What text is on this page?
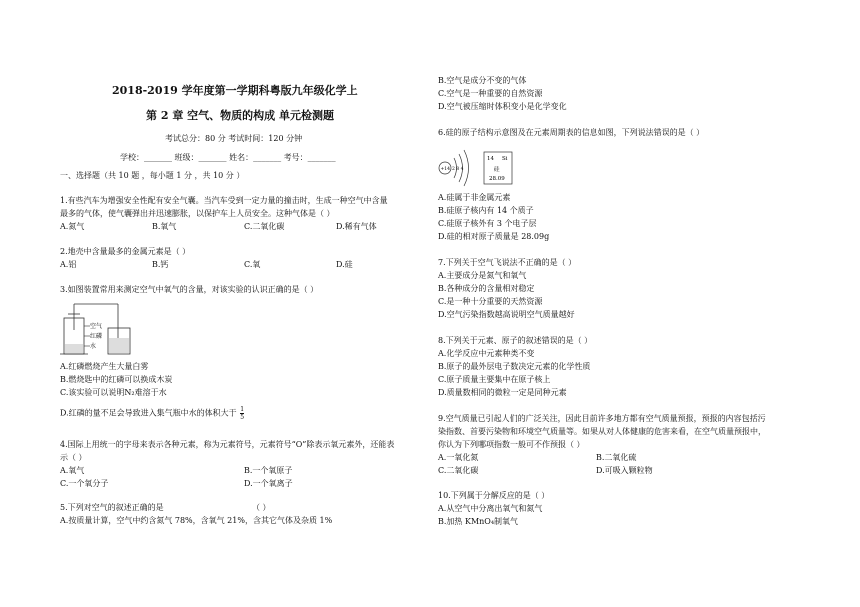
2018-2019 学年度第一学期科粤版九年级化学上
第 2 章 空气、物质的构成 单元检测题
考试总分：80 分 考试时间：120 分钟
学校：_______ 班级：_______ 姓名：_______ 考号：_______
一、选择题（共 10 题 ，每小题 1 分 ，共 10 分 ）
1.有些汽车为增强安全性配有安全气囊。当汽车受到一定力量的撞击时，生成一种空气中含量
最多的气体，使气囊弹出并迅速膨胀，以保护车上人员安全。这种气体是（ ）
A.氮气	B.氧气	C.二氧化碳	D.稀有气体
2.地壳中含量最多的金属元素是（ ）
A.铝	B.钙	C.氧	D.硅
3.如图装置常用来测定空气中氧气的含量，对该实验的认识正确的是（ ）
空气
红磷
水
A.红磷燃烧产生大量白雾
B.燃烧匙中的红磷可以换成木炭
C.该实验可以说明N₂难溶于水
D.红磷的量不足会导致进入集气瓶中水的体积大于 $\frac{1}{5}$
4.国际上用统一的字母来表示各种元素，称为元素符号，元素符号“O”除表示氧元素外，还能表
示（ ）
A.氧气	B.一个氧原子
C.一个氧分子	D.一个氧离子
5.下列对空气的叙述正确的是	（ ）
A.按质量计算，空气中约含氮气 78%，含氧气 21%，含其它气体及杂质 1%
B.空气是成分不变的气体
C.空气是一种重要的自然资源
D.空气被压缩时体积变小是化学变化
6.硅的原子结构示意图及在元素周期表的信息如图，下列说法错误的是（ ）
+14 2 8 4
14 Si
硅
28.09
A.硅属于非金属元素
B.硅原子核内有 14 个质子
C.硅原子核外有 3 个电子层
D.硅的相对原子质量是 28.09g
7.下列关于空气飞说法不正确的是（ ）
A.主要成分是氮气和氧气
B.各种成分的含量相对稳定
C.是一种十分重要的天然资源
D.空气污染指数越高说明空气质量越好
8.下列关于元素、原子的叙述错误的是（ ）
A.化学反应中元素种类不变
B.原子的最外层电子数决定元素的化学性质
C.原子质量主要集中在原子核上
D.质量数相同的微粒一定是同种元素
9.空气质量已引起人们的广泛关注，因此目前许多地方都有空气质量预报，预报的内容包括污
染指数、首要污染物和环境空气质量等。如果从对人体健康的危害来看，在空气质量预报中，
你认为下列哪项指数一般可不作预报（ ）
A.一氧化氮	B.二氧化硫
C.二氧化碳	D.可吸入颗粒物
10.下列属于分解反应的是（ ）
A.从空气中分离出氧气和氮气
B.加热 KMnO₄制氧气
